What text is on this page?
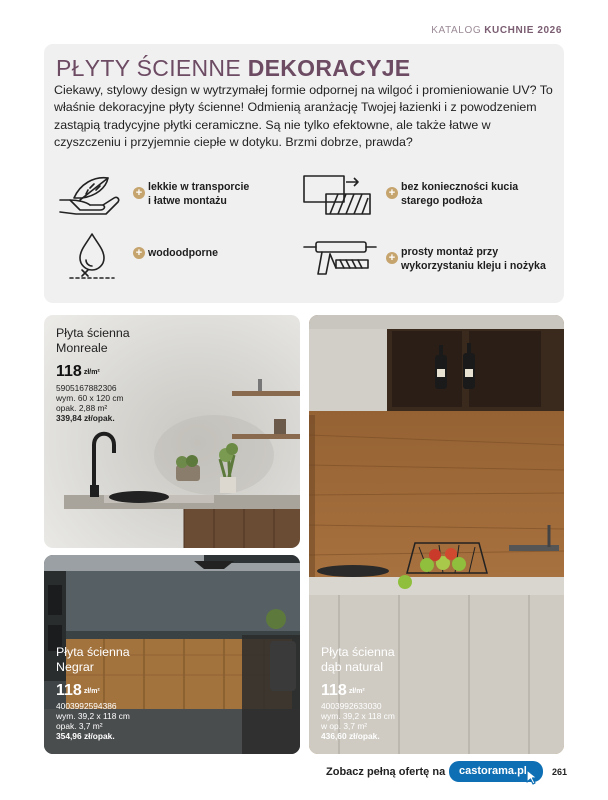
KATALOG KUCHNIE 2026
PŁYTY ŚCIENNE DEKORACYJE

Ciekawy, stylowy design w wytrzymałej formie odpornej na wilgoć i promieniowanie UV? To właśnie dekoracyjne płyty ścienne! Odmienią aranżację Twojej łazienki i z powodzeniem zastąpią tradycyjne płytki ceramiczne. Są nie tylko efektowne, ale także łatwe w czyszczeniu i przyjemnie ciepłe w dotyku. Brzmi dobrze, prawda?

+ lekkie w transporcie
i łatwe montażu
+ bez konieczności kucia
starego podłoża
+ wodoodporne	+ prosty montaż przy
wykorzystaniu kleju i nożyka
Płyta ścienna
Monreale
118 zł/m²
5905167882306
wym. 60 x 120 cm
opak. 2,88 m²
339,84 zł/opak.
Płyta ścienna
Negrar
118 zł/m²
4003992594386
wym. 39,2 x 118 cm
opak. 3,7 m²
354,96 zł/opak.
Płyta ścienna
dąb natural
118 zł/m²
4003992633030
wym. 39,2 x 118 cm
w op. 3,7 m²
436,60 zł/opak.
Zobacz pełną ofertę na	castorama.pl	261
